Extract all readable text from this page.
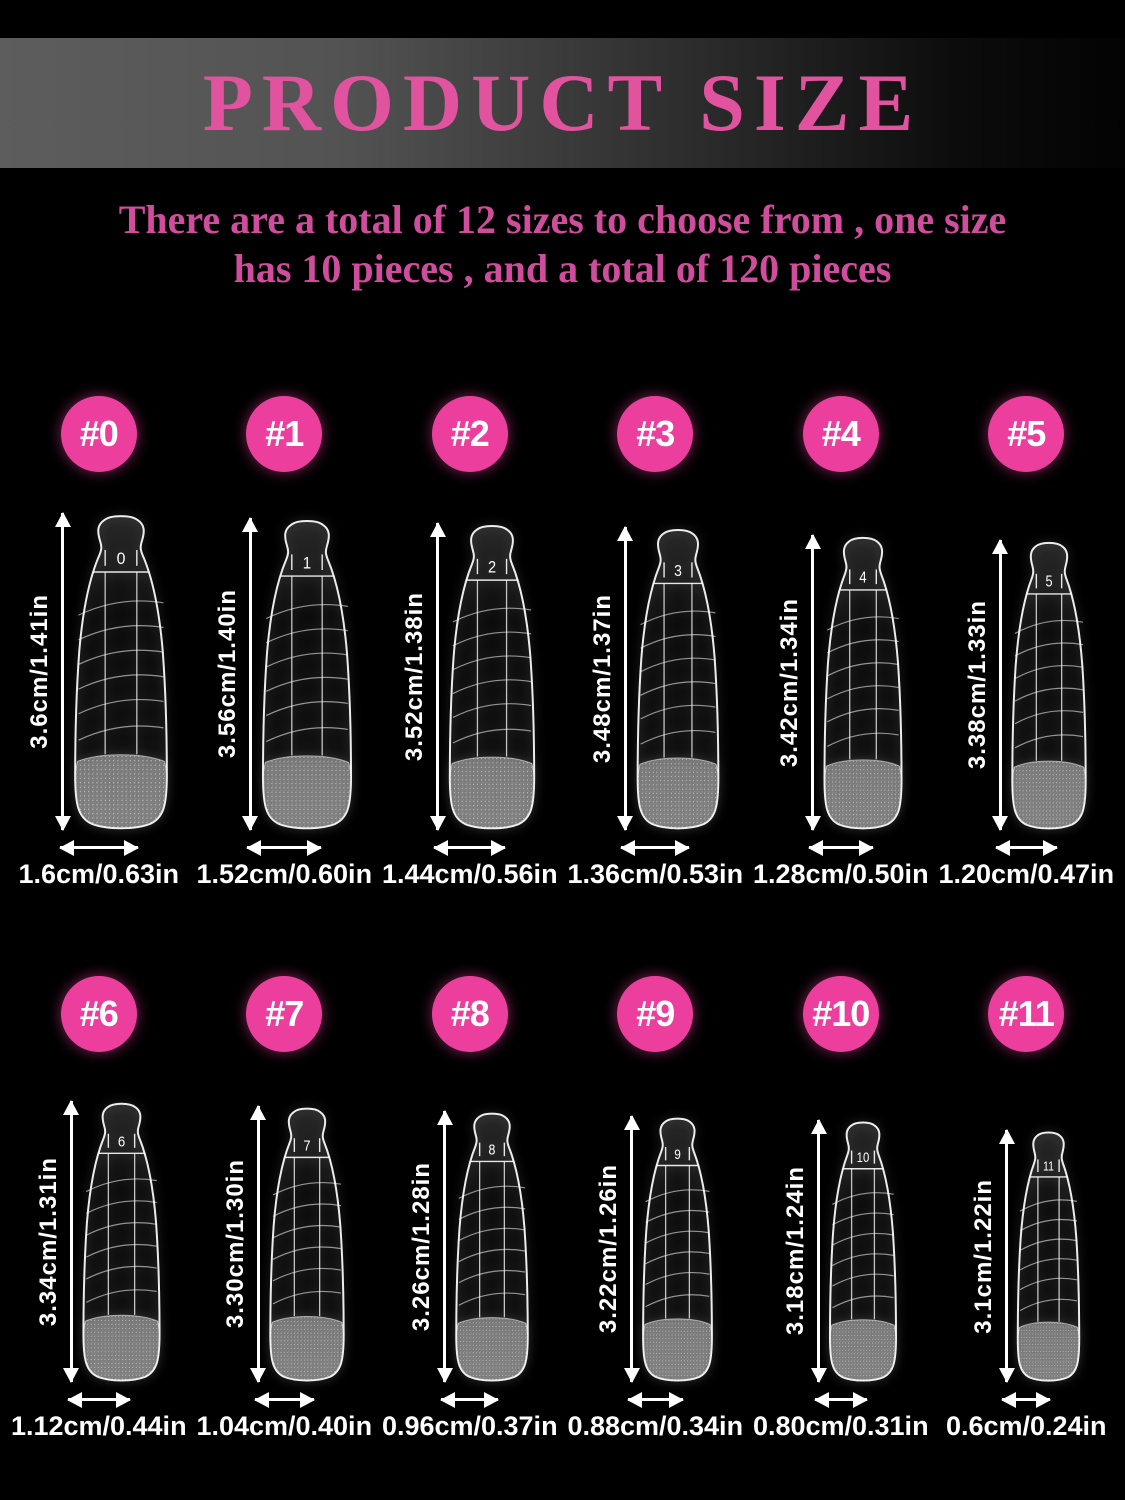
PRODUCT SIZE
There are a total of 12 sizes to choose from , one size
has 10 pieces , and a total of 120 pieces
#0
3.6cm/1.41in
0
1.6cm/0.63in
#1
3.56cm/1.40in
1
1.52cm/0.60in
#2
3.52cm/1.38in
2
1.44cm/0.56in
#3
3.48cm/1.37in
3
1.36cm/0.53in
#4
3.42cm/1.34in
4
1.28cm/0.50in
#5
3.38cm/1.33in
5
1.20cm/0.47in
#6
3.34cm/1.31in
6
1.12cm/0.44in
#7
3.30cm/1.30in
7
1.04cm/0.40in
#8
3.26cm/1.28in
8
0.96cm/0.37in
#9
3.22cm/1.26in
9
0.88cm/0.34in
#10
3.18cm/1.24in
10
0.80cm/0.31in
#11
3.1cm/1.22in
11
0.6cm/0.24in
